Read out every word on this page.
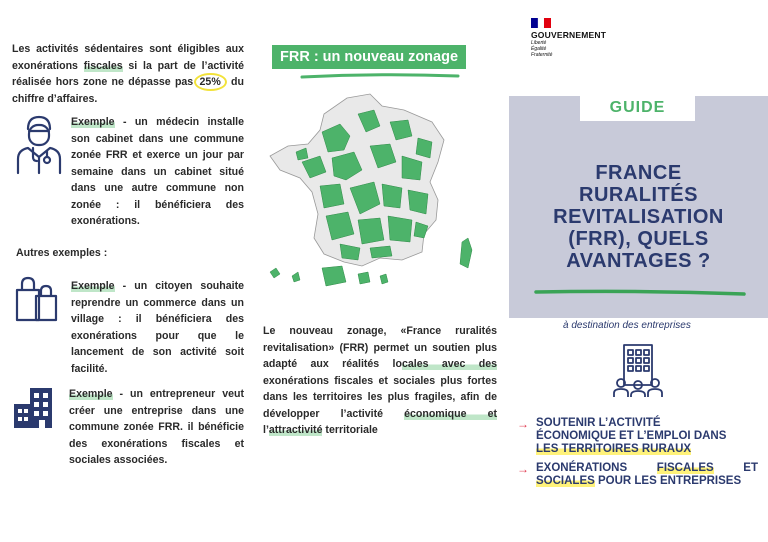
Les activités sédentaires sont éligibles aux exonérations fiscales si la part de l’activité réalisée hors zone ne dépasse pas 25% du chiffre d’affaires.
Exemple - un médecin installe son cabinet dans une commune zonée FRR et exerce un jour par semaine dans un cabinet situé dans une autre commune non zonée : il bénéficiera des exonérations.
Autres exemples :
Exemple - un citoyen souhaite reprendre un commerce dans un village : il bénéficiera des exonérations pour que le lancement de son activité soit facilité.
Exemple - un entrepreneur veut créer une entreprise dans une commune zonée FRR. il bénéficie des exonérations fiscales et sociales associées.
FRR : un nouveau zonage
Le nouveau zonage, «France ruralités revitalisation» (FRR) permet un soutien plus adapté aux réalités locales avec des exonérations fiscales et sociales plus fortes dans les territoires les plus fragiles, afin de développer l’activité économique et l’attractivité territoriale
GOUVERNEMENT
Liberté
Égalité
Fraternité
GUIDE
FRANCE
RURALITÉS
REVITALISATION
(FRR), QUELS
AVANTAGES ?
à destination des entreprises
→ SOUTENIR L’ACTIVITÉ
ÉCONOMIQUE ET L’EMPLOI DANS
LES TERRITOIRES RURAUX
→ EXONÉRATIONS FISCALES ET SOCIALES POUR LES ENTREPRISES
